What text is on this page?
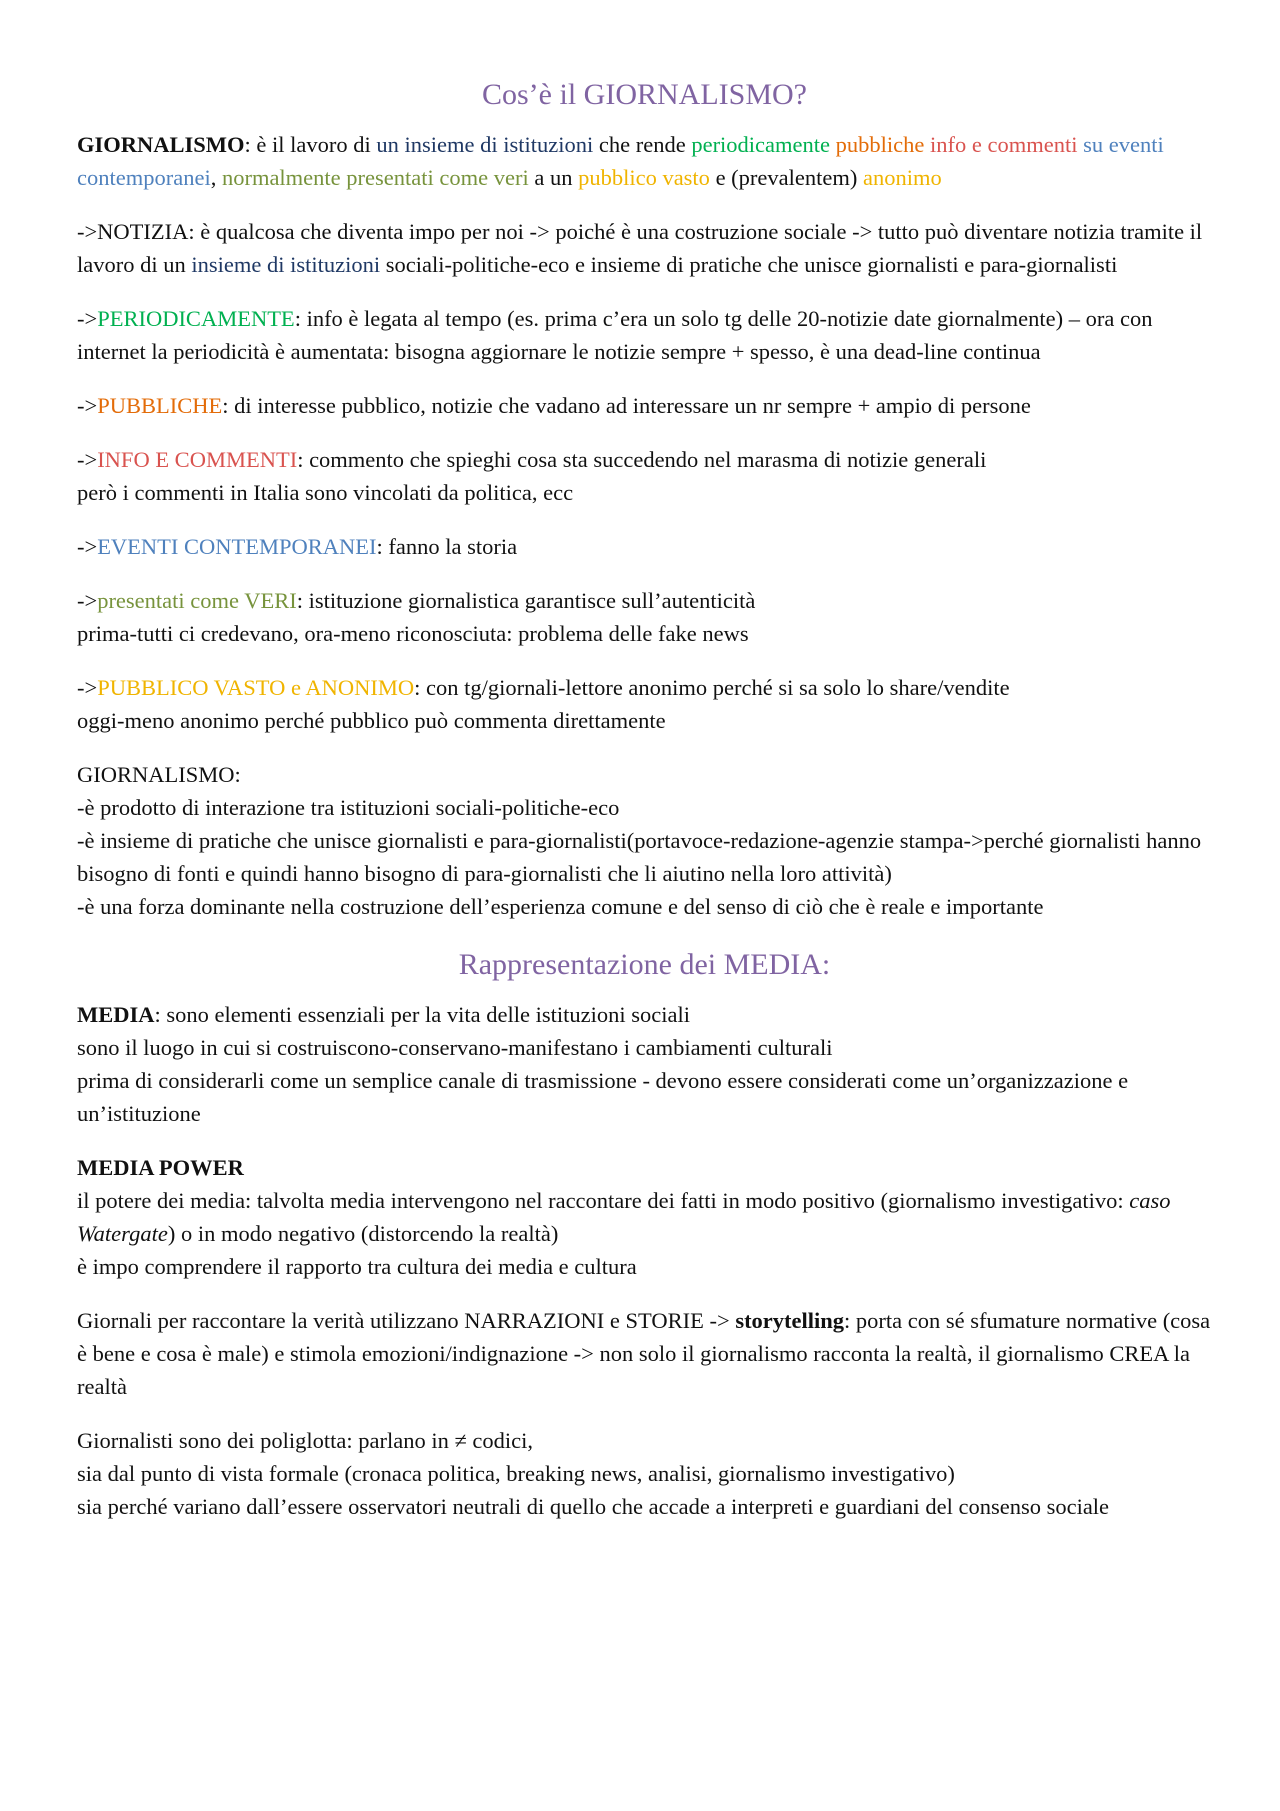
Cos’è il GIORNALISMO?

GIORNALISMO: è il lavoro di un insieme di istituzioni che rende periodicamente pubbliche info e commenti su eventi contemporanei, normalmente presentati come veri a un pubblico vasto e (prevalentem) anonimo

->NOTIZIA: è qualcosa che diventa impo per noi -> poiché è una costruzione sociale -> tutto può diventare notizia tramite il lavoro di un insieme di istituzioni sociali-politiche-eco e insieme di pratiche che unisce giornalisti e para-giornalisti

->PERIODICAMENTE: info è legata al tempo (es. prima c’era un solo tg delle 20-notizie date giornalmente) – ora con internet la periodicità è aumentata: bisogna aggiornare le notizie sempre + spesso, è una dead-line continua

->PUBBLICHE: di interesse pubblico, notizie che vadano ad interessare un nr sempre + ampio di persone

->INFO E COMMENTI: commento che spieghi cosa sta succedendo nel marasma di notizie generali
però i commenti in Italia sono vincolati da politica, ecc

->EVENTI CONTEMPORANEI: fanno la storia

->presentati come VERI: istituzione giornalistica garantisce sull’autenticità
prima-tutti ci credevano, ora-meno riconosciuta: problema delle fake news

->PUBBLICO VASTO e ANONIMO: con tg/giornali-lettore anonimo perché si sa solo lo share/vendite
oggi-meno anonimo perché pubblico può commenta direttamente

GIORNALISMO:
-è prodotto di interazione tra istituzioni sociali-politiche-eco
-è insieme di pratiche che unisce giornalisti e para-giornalisti(portavoce-redazione-agenzie stampa->perché giornalisti hanno bisogno di fonti e quindi hanno bisogno di para-giornalisti che li aiutino nella loro attività)
-è una forza dominante nella costruzione dell’esperienza comune e del senso di ciò che è reale e importante

Rappresentazione dei MEDIA:

MEDIA: sono elementi essenziali per la vita delle istituzioni sociali
sono il luogo in cui si costruiscono-conservano-manifestano i cambiamenti culturali
prima di considerarli come un semplice canale di trasmissione - devono essere considerati come un’organizzazione e un’istituzione

MEDIA POWER
il potere dei media: talvolta media intervengono nel raccontare dei fatti in modo positivo (giornalismo investigativo: caso Watergate) o in modo negativo (distorcendo la realtà)
è impo comprendere il rapporto tra cultura dei media e cultura

Giornali per raccontare la verità utilizzano NARRAZIONI e STORIE -> storytelling: porta con sé sfumature normative (cosa è bene e cosa è male) e stimola emozioni/indignazione -> non solo il giornalismo racconta la realtà, il giornalismo CREA la realtà

Giornalisti sono dei poliglotta: parlano in ≠ codici,
sia dal punto di vista formale (cronaca politica, breaking news, analisi, giornalismo investigativo)
sia perché variano dall’essere osservatori neutrali di quello che accade a interpreti e guardiani del consenso sociale
